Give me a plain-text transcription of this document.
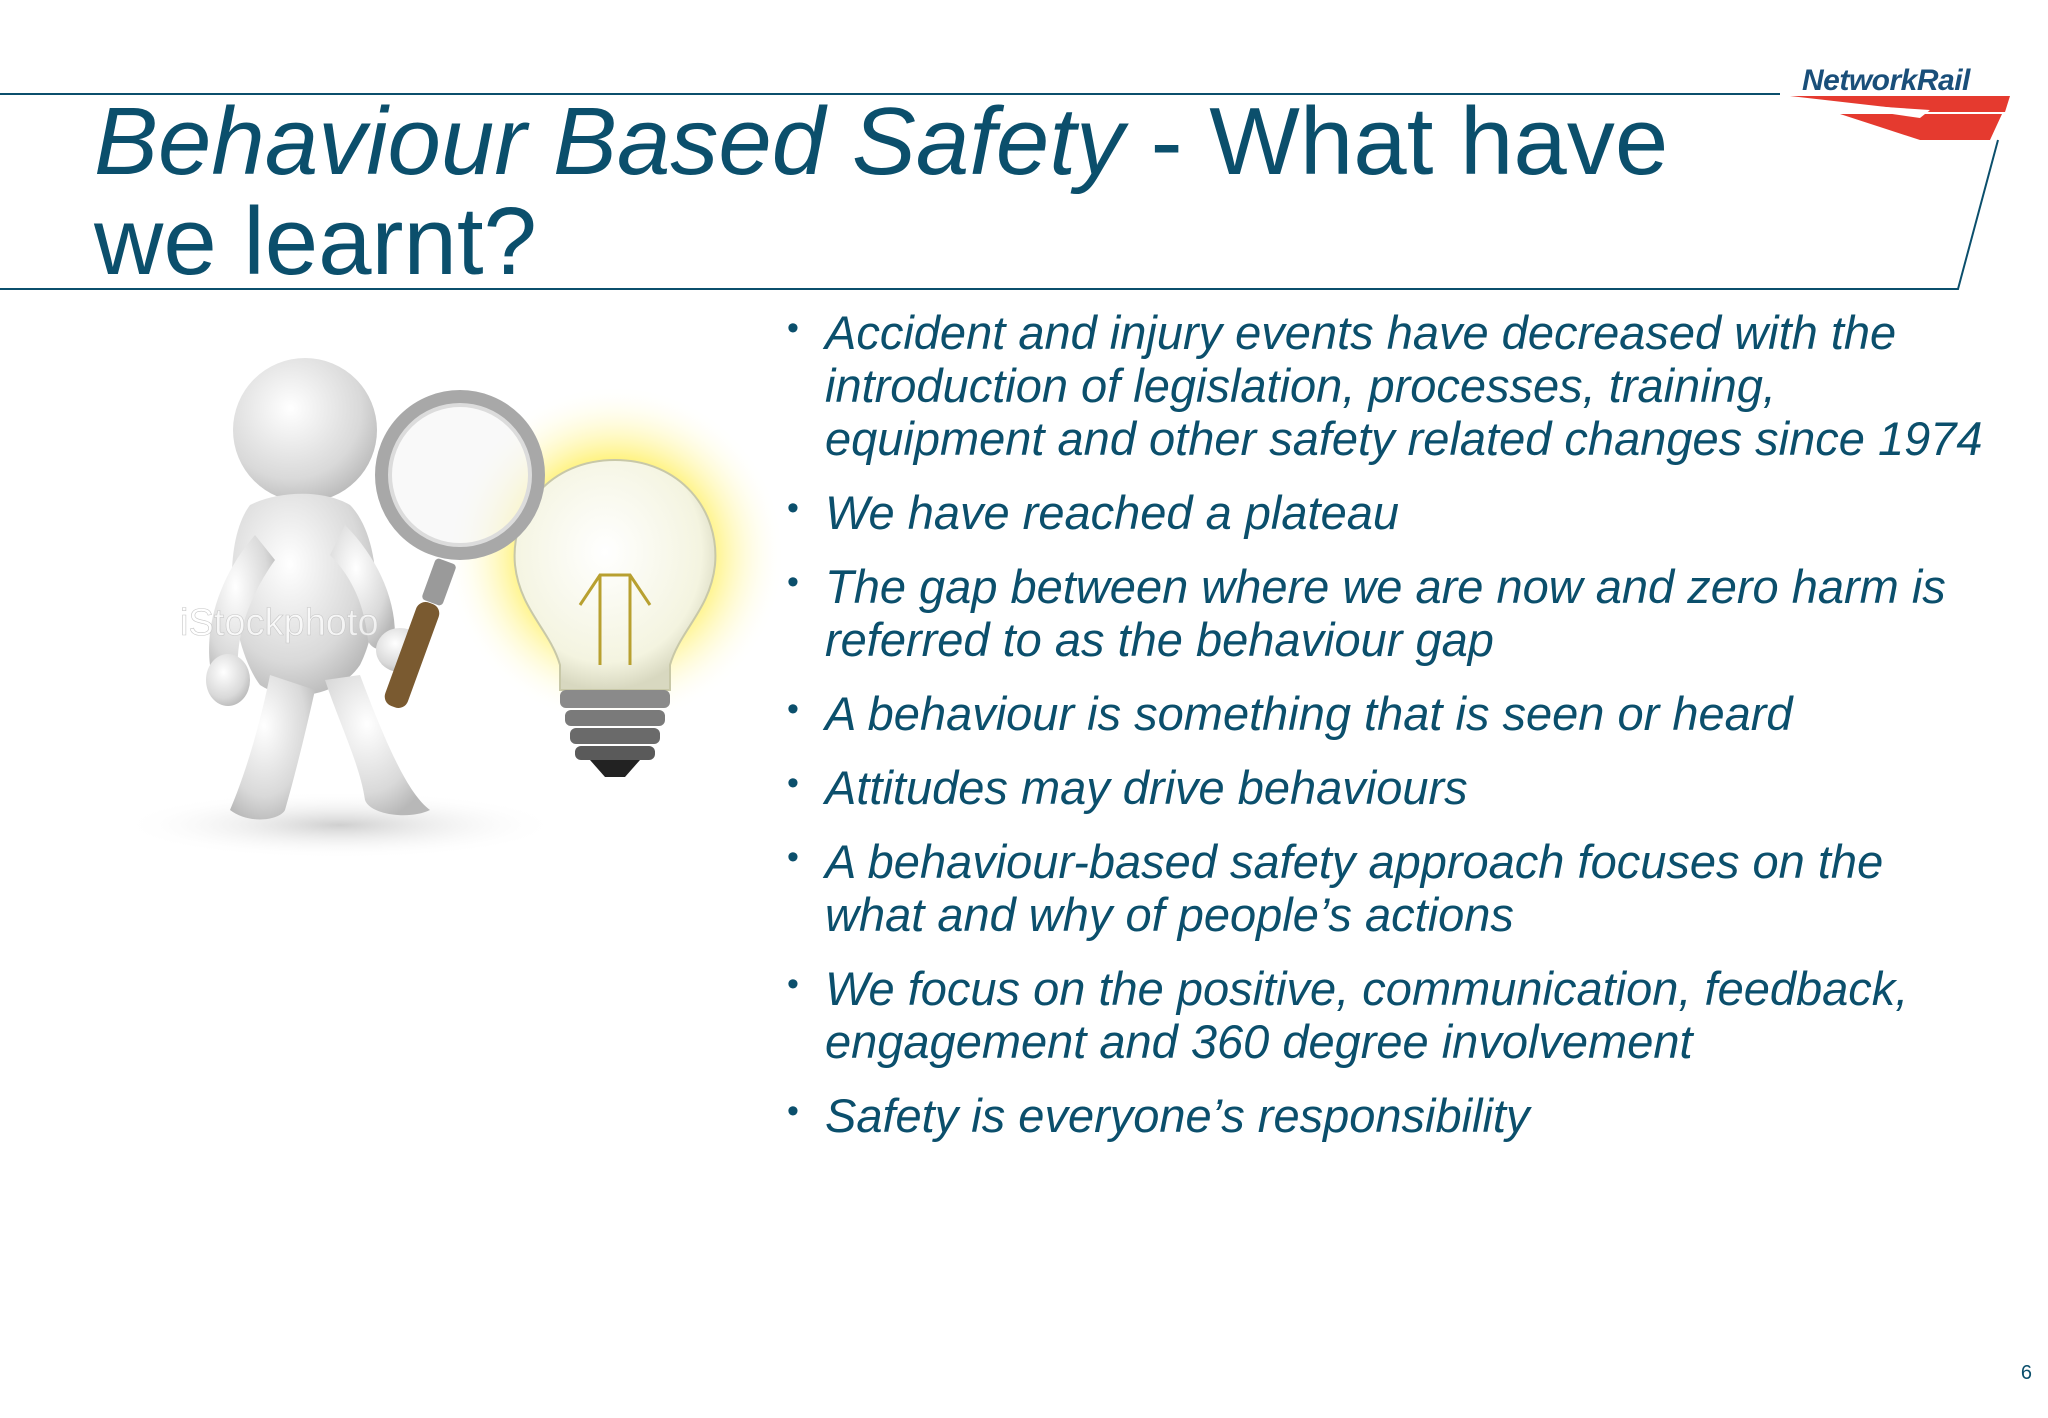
NetworkRail
Behaviour Based Safety - What have we learnt?
iStockphoto
• Accident and injury events have decreased with the introduction of legislation, processes, training, equipment and other safety related changes since 1974
• We have reached a plateau
• The gap between where we are now and zero harm is referred to as the behaviour gap
• A behaviour is something that is seen or heard
• Attitudes may drive behaviours
• A behaviour-based safety approach focuses on the what and why of people’s actions
• We focus on the positive, communication, feedback, engagement and 360 degree involvement
• Safety is everyone’s responsibility
6
